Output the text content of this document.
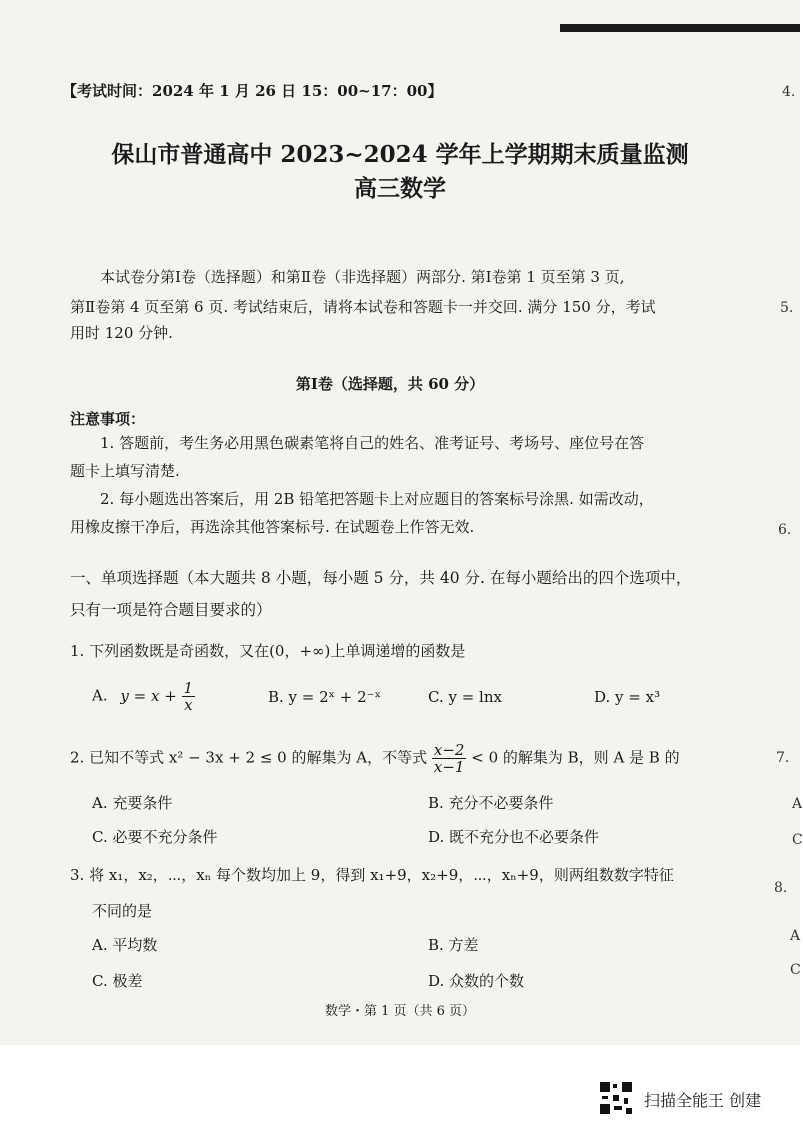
【考试时间：2024 年 1 月 26 日 15：00~17：00】
保山市普通高中 2023~2024 学年上学期期末质量监测
高三数学
本试卷分第Ⅰ卷（选择题）和第Ⅱ卷（非选择题）两部分. 第Ⅰ卷第 1 页至第 3 页,
第Ⅱ卷第 4 页至第 6 页. 考试结束后，请将本试卷和答题卡一并交回. 满分 150 分，考试
用时 120 分钟.
第Ⅰ卷（选择题，共 60 分）
注意事项：
1. 答题前，考生务必用黑色碳素笔将自己的姓名、准考证号、考场号、座位号在答
题卡上填写清楚.
2. 每小题选出答案后，用 2B 铅笔把答题卡上对应题目的答案标号涂黑. 如需改动，
用橡皮擦干净后，再选涂其他答案标号. 在试题卷上作答无效.
一、单项选择题（本大题共 8 小题，每小题 5 分，共 40 分. 在每小题给出的四个选项中，
只有一项是符合题目要求的）
1. 下列函数既是奇函数，又在(0，+∞)上单调递增的函数是
A. $y = x + \frac{1}{x}$	B. y = 2ˣ + 2⁻ˣ	C. y = lnx	D. y = x³
2. 已知不等式 x² − 3x + 2 ≤ 0 的解集为 A，不等式 $\frac{x-2}{x-1} < 0$ 的解集为 B，则 A 是 B 的
A. 充要条件	B. 充分不必要条件
C. 必要不充分条件	D. 既不充分也不必要条件
3. 将 x₁，x₂，⋯，xₙ 每个数均加上 9，得到 x₁+9，x₂+9，⋯，xₙ+9，则两组数数字特征
不同的是
A. 平均数	B. 方差
C. 极差	D. 众数的个数
数学・第 1 页（共 6 页）
4.
5.
6.
7.
8.
A
C
A
C
扫描全能王 创建
